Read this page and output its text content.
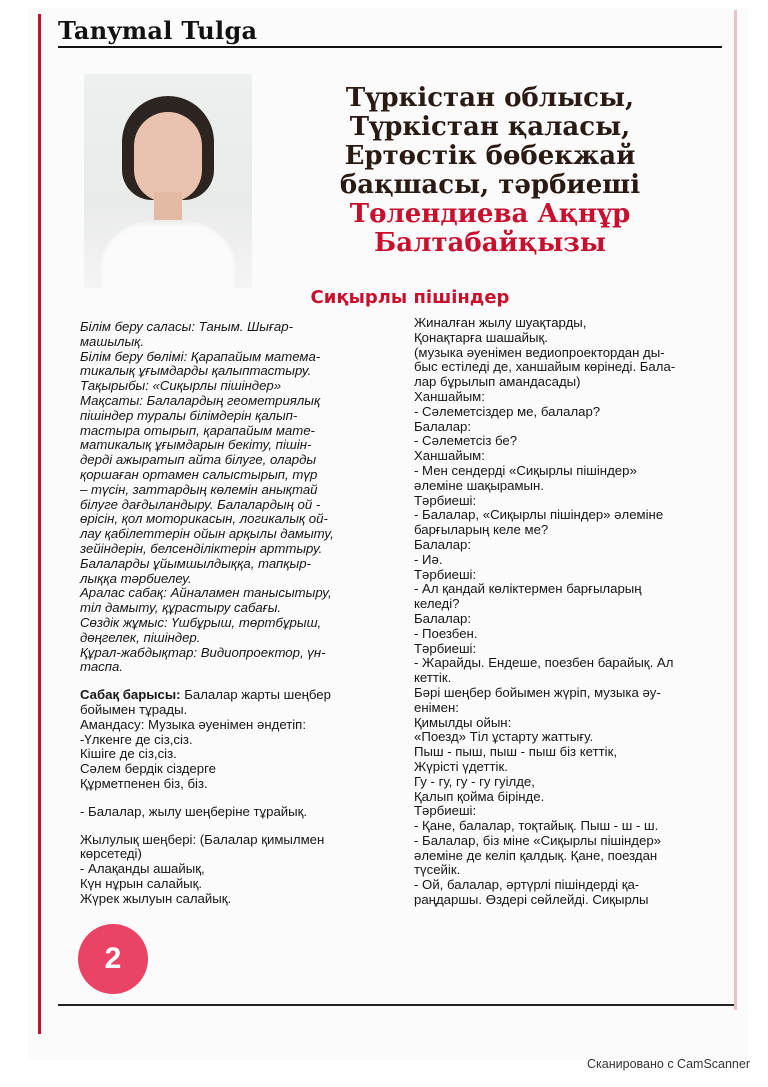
Tanymal Tulga
Түркістан облысы,
Түркістан қаласы,
Ертөстік бөбекжай
бақшасы, тәрбиеші
Төлендиева Ақнұр
Балтабайқызы
Сиқырлы пішіндер

Білім беру саласы: Таным. Шығар-

машылық.

Білім беру бөлімі: Қарапайым матема-

тикалық ұғымдарды қалыптастыру.

Тақырыбы: «Сиқырлы пішіндер»

Мақсаты: Балалардың геометриялық

пішіндер туралы білімдерін қалып-

тастыра отырып, қарапайым мате-

матикалық ұғымдарын бекіту, пішін-

дерді ажыратып айта білуге, оларды

қоршаған ортамен салыстырып, түр

– түсін, заттардың көлемін анықтай

білуге дағдыландыру. Балалардың ой -

өрісін, қол моторикасын, логикалық ой-

лау қабілеттерін ойын арқылы дамыту,

зейіндерін, белсенділіктерін арттыру.

Балаларды ұйымшылдыққа, тапқыр-

лыққа тәрбиелеу.

Аралас сабақ: Айналамен танысытыру,

тіл дамыту, құрастыру сабағы.

Сөздік жұмыс: Үшбұрыш, төртбұрыш,

дөңгелек, пішіндер.

Құрал-жабдықтар: Видиопроектор, үн-

таспа.

Сабақ барысы: Балалар жарты шеңбер

бойымен тұрады.

Амандасу: Музыка әуенімен әндетіп:

-Үлкенге де сіз,сіз.

Кішіге де сіз,сіз.

Сәлем бердік сіздерге

Құрметпенен біз, біз.

- Балалар, жылу шеңберіне тұрайық.

Жылулық шеңбері: (Балалар қимылмен

көрсетеді)

- Алақанды ашайық,

Күн нұрын салайық.

Жүрек жылуын салайық.

Жиналған жылу шуақтарды,

Қонақтарға шашайық.

(музыка әуенімен ведиопроектордан ды-

быс естіледі де, ханшайым көрінеді. Бала-

лар бұрылып амандасады)

Ханшайым:

- Сәлеметсіздер ме, балалар?

Балалар:

- Сәлеметсіз бе?

Ханшайым:

- Мен сендерді «Сиқырлы пішіндер»

әлеміне шақырамын.

Тәрбиеші:

- Балалар, «Сиқырлы пішіндер» әлеміне

барғыларың келе ме?

Балалар:

- Иә.

Тәрбиеші:

- Ал қандай көліктермен барғыларың

келеді?

Балалар:

- Поезбен.

Тәрбиеші:

- Жарайды. Ендеше, поезбен барайық. Ал

кеттік.

Бәрі шеңбер бойымен жүріп, музыка әу-

енімен:

Қимылды ойын:

«Поезд» Тіл ұстарту жаттығу.

Пыш - пыш, пыш - пыш біз кеттік,

Жүрісті үдеттік.

Гу - гу, гу - гу гуілде,

Қалып қойма бірінде.

Тәрбиеші:

- Қане, балалар, тоқтайық. Пыш - ш - ш.

- Балалар, біз міне «Сиқырлы пішіндер»

әлеміне де келіп қалдық. Қане, поездан

түсейік.

- Ой, балалар, әртүрлі пішіндерді қа-

раңдаршы. Өздері сөйлейді. Сиқырлы

2
Сканировано с CamScanner
